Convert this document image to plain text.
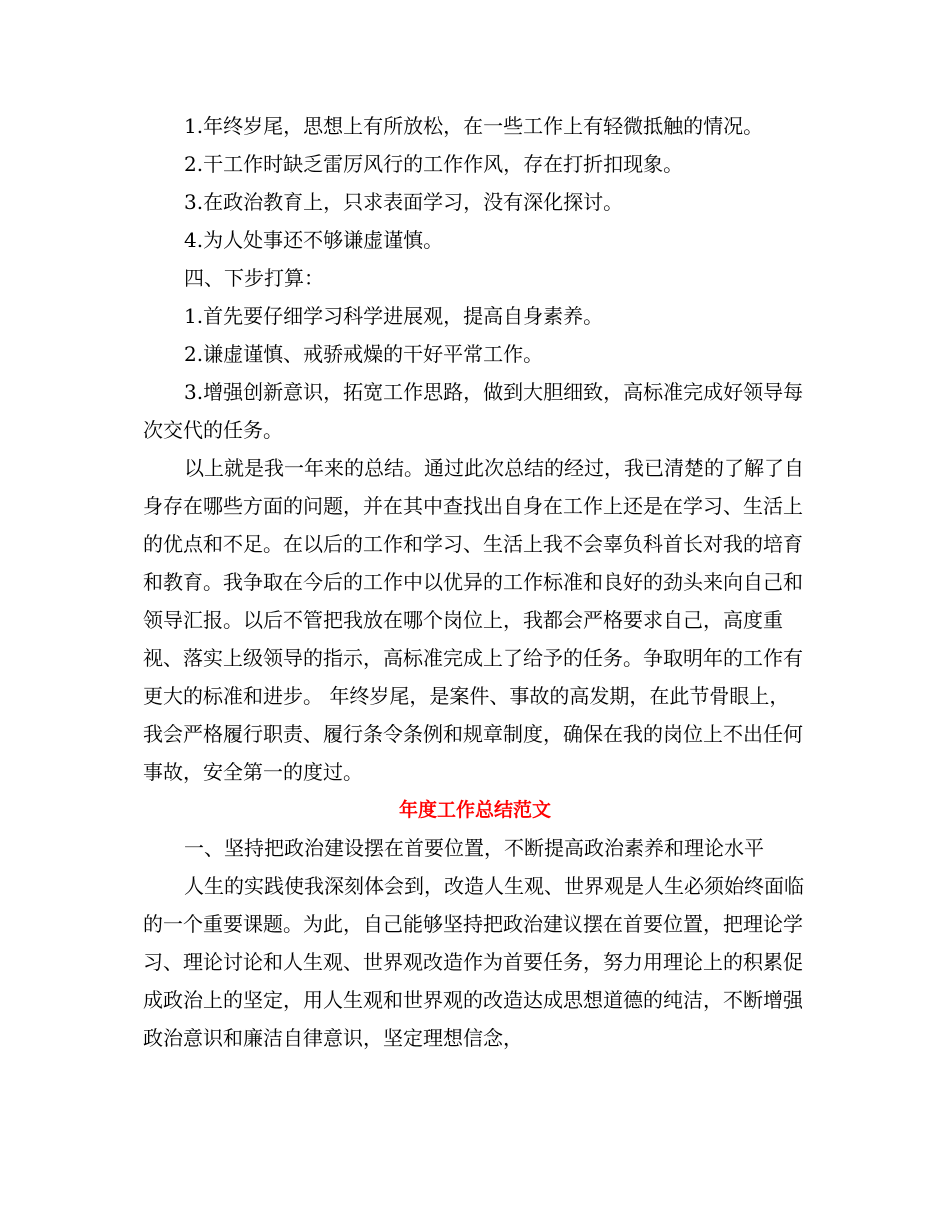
1.年终岁尾，思想上有所放松，在一些工作上有轻微抵触的情况。

2.干工作时缺乏雷厉风行的工作作风，存在打折扣现象。

3.在政治教育上，只求表面学习，没有深化探讨。

4.为人处事还不够谦虚谨慎。

四、下步打算：

1.首先要仔细学习科学进展观，提高自身素养。

2.谦虚谨慎、戒骄戒燥的干好平常工作。

3.增强创新意识，拓宽工作思路，做到大胆细致，高标准完成好领导每次交代的任务。

以上就是我一年来的总结。通过此次总结的经过，我已清楚的了解了自身存在哪些方面的问题，并在其中查找出自身在工作上还是在学习、生活上的优点和不足。在以后的工作和学习、生活上我不会辜负科首长对我的培育和教育。我争取在今后的工作中以优异的工作标准和良好的劲头来向自己和领导汇报。以后不管把我放在哪个岗位上，我都会严格要求自己，高度重视、落实上级领导的指示，高标准完成上了给予的任务。争取明年的工作有更大的标准和进步。 年终岁尾，是案件、事故的高发期，在此节骨眼上，我会严格履行职责、履行条令条例和规章制度，确保在我的岗位上不出任何事故，安全第一的度过。

年度工作总结范文

一、坚持把政治建设摆在首要位置，不断提高政治素养和理论水平

人生的实践使我深刻体会到，改造人生观、世界观是人生必须始终面临的一个重要课题。为此，自己能够坚持把政治建议摆在首要位置，把理论学习、理论讨论和人生观、世界观改造作为首要任务，努力用理论上的积累促成政治上的坚定，用人生观和世界观的改造达成思想道德的纯洁，不断增强政治意识和廉洁自律意识，坚定理想信念，
